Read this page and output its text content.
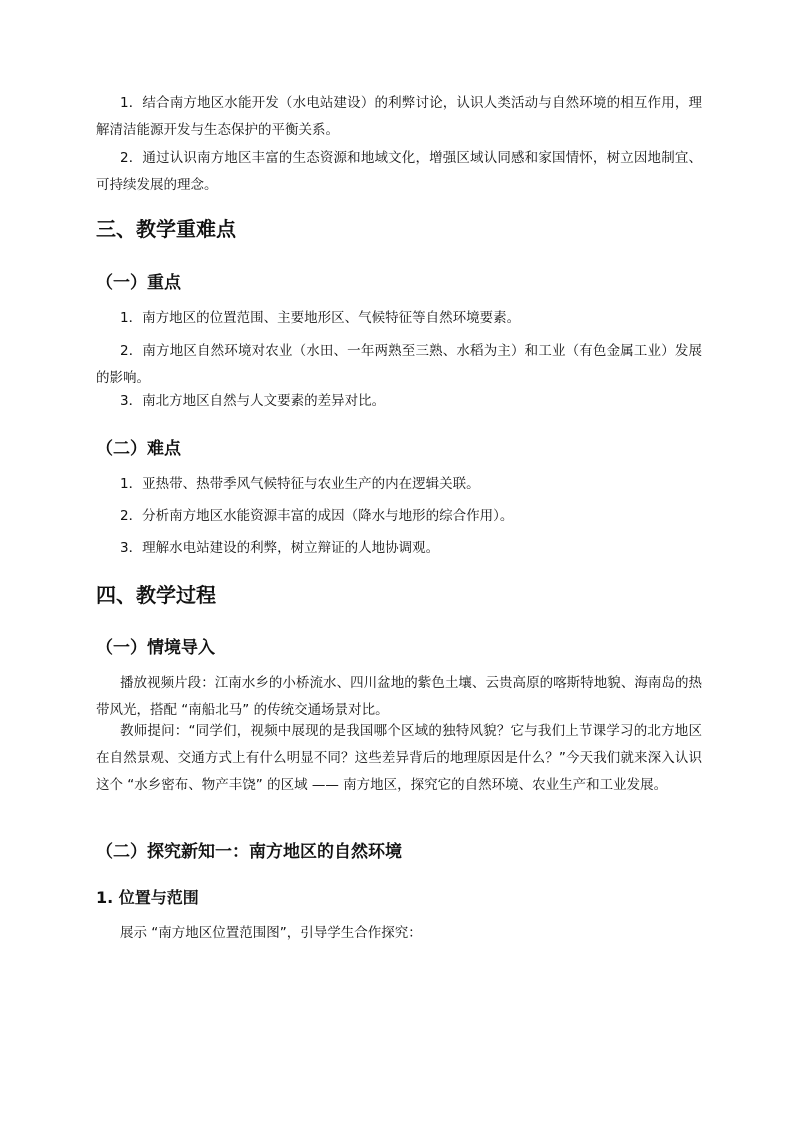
1．结合南方地区水能开发（水电站建设）的利弊讨论，认识人类活动与自然环境的相互作用，理解清洁能源开发与生态保护的平衡关系。

2．通过认识南方地区丰富的生态资源和地域文化，增强区域认同感和家国情怀，树立因地制宜、可持续发展的理念。

三、教学重难点
（一）重点

1．南方地区的位置范围、主要地形区、气候特征等自然环境要素。

2．南方地区自然环境对农业（水田、一年两熟至三熟、水稻为主）和工业（有色金属工业）发展的影响。

3．南北方地区自然与人文要素的差异对比。

（二）难点

1．亚热带、热带季风气候特征与农业生产的内在逻辑关联。

2．分析南方地区水能资源丰富的成因（降水与地形的综合作用）。

3．理解水电站建设的利弊，树立辩证的人地协调观。

四、教学过程
（一）情境导入

播放视频片段：江南水乡的小桥流水、四川盆地的紫色土壤、云贵高原的喀斯特地貌、海南岛的热带风光，搭配 “南船北马” 的传统交通场景对比。

教师提问：“同学们，视频中展现的是我国哪个区域的独特风貌？它与我们上节课学习的北方地区在自然景观、交通方式上有什么明显不同？这些差异背后的地理原因是什么？”今天我们就来深入认识这个 “水乡密布、物产丰饶” 的区域 —— 南方地区，探究它的自然环境、农业生产和工业发展。

（二）探究新知一：南方地区的自然环境
1. 位置与范围

展示 “南方地区位置范围图”，引导学生合作探究：
